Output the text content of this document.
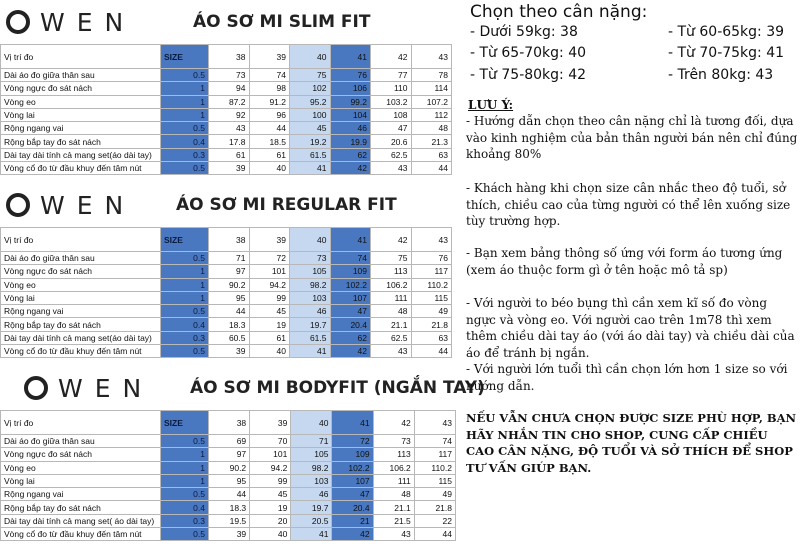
WEN	ÁO SƠ MI SLIM FIT
Vị trí đo	SIZE	38	39	40	41	42	43
Dài áo đo giữa thân sau	0.5	73	74	75	76	77	78
Vòng ngực đo sát nách	1	94	98	102	106	110	114
Vòng eo	1	87.2	91.2	95.2	99.2	103.2	107.2
Vòng lai	1	92	96	100	104	108	112
Rộng ngang vai	0.5	43	44	45	46	47	48
Rộng bắp tay đo sát nách	0.4	17.8	18.5	19.2	19.9	20.6	21.3
Dài tay dài tính cả mang set(áo dài tay)	0.3	61	61	61.5	62	62.5	63
Vòng cổ đo từ đầu khuy đến tâm nút	0.5	39	40	41	42	43	44
WEN ÁO SƠ MI REGULAR FIT
Vị trí đo	SIZE	38	39	40	41	42	43
Dài áo đo giữa thân sau	0.5	71	72	73	74	75	76
Vòng ngực đo sát nách	1	97	101	105	109	113	117
Vòng eo	1	90.2	94.2	98.2	102.2	106.2	110.2
Vòng lai	1	95	99	103	107	111	115
Rộng ngang vai	0.5	44	45	46	47	48	49
Rộng bắp tay đo sát nách	0.4	18.3	19	19.7	20.4	21.1	21.8
Dài tay dài tính cả mang set(áo dài tay)	0.3	60.5	61	61.5	62	62.5	63
Vòng cổ đo từ đầu khuy đến tâm nút	0.5	39	40	41	42	43	44
WEN ÁO SƠ MI BODYFIT (NGẮN TAY)
Vị trí đo	SIZE	38	39	40	41	42	43
Dài áo đo giữa thân sau	0.5	69	70	71	72	73	74
Vòng ngực đo sát nách	1	97	101	105	109	113	117
Vòng eo	1	90.2	94.2	98.2	102.2	106.2	110.2
Vòng lai	1	95	99	103	107	111	115
Rộng ngang vai	0.5	44	45	46	47	48	49
Rộng bắp tay đo sát nách	0.4	18.3	19	19.7	20.4	21.1	21.8
Dài tay dài tính cả mang set( áo dài tay)	0.3	19.5	20	20.5	21	21.5	22
Vòng cổ đo từ đầu khuy đến tâm nút	0.5	39	40	41	42	43	44
Chọn theo cân nặng:
- Dưới 59kg: 38	- Từ 60-65kg: 39
- Từ 65-70kg: 40	- Từ 70-75kg: 41
- Từ 75-80kg: 42	- Trên 80kg: 43
LƯU Ý:
- Hướng dẫn chọn theo cân nặng chỉ là tương đối, dựa vào kinh nghiệm của bản thân người bán nên chỉ đúng khoảng 80%
- Khách hàng khi chọn size cân nhắc theo độ tuổi, sở thích, chiều cao của từng người có thể lên xuống size tùy trường hợp.
- Bạn xem bảng thông số ứng với form áo tương ứng (xem áo thuộc form gì ở tên hoặc mô tả sp)
- Với người to béo bụng thì cần xem kĩ số đo vòng ngực và vòng eo. Với người cao trên 1m78 thì xem thêm chiều dài tay áo (với áo dài tay) và chiều dài của áo để tránh bị ngắn.
- Với người lớn tuổi thì cần chọn lớn hơn 1 size so với hướng dẫn.
NẾU VẪN CHƯA CHỌN ĐƯỢC SIZE PHÙ HỢP, BẠN HÃY NHẮN TIN CHO SHOP, CUNG CẤP CHIỀU CAO CÂN NẶNG, ĐỘ TUỔI VÀ SỞ THÍCH ĐỂ SHOP TƯ VẤN GIÚP BẠN.
